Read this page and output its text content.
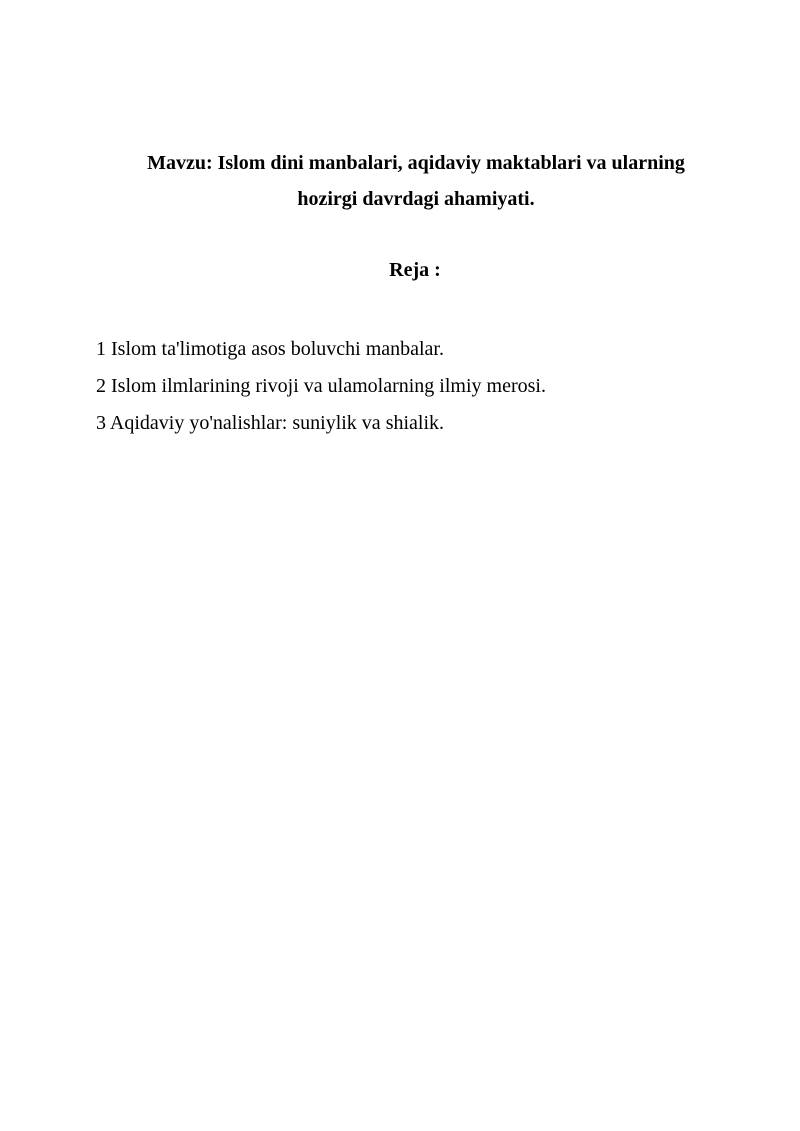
Mavzu: Islom dini manbalari, aqidaviy maktablari va ularning
hozirgi davrdagi ahamiyati.
Reja :
1 Islom ta'limotiga asos boluvchi manbalar.
2 Islom ilmlarining rivoji va ulamolarning ilmiy merosi.
3 Aqidaviy yo'nalishlar: suniylik va shialik.
